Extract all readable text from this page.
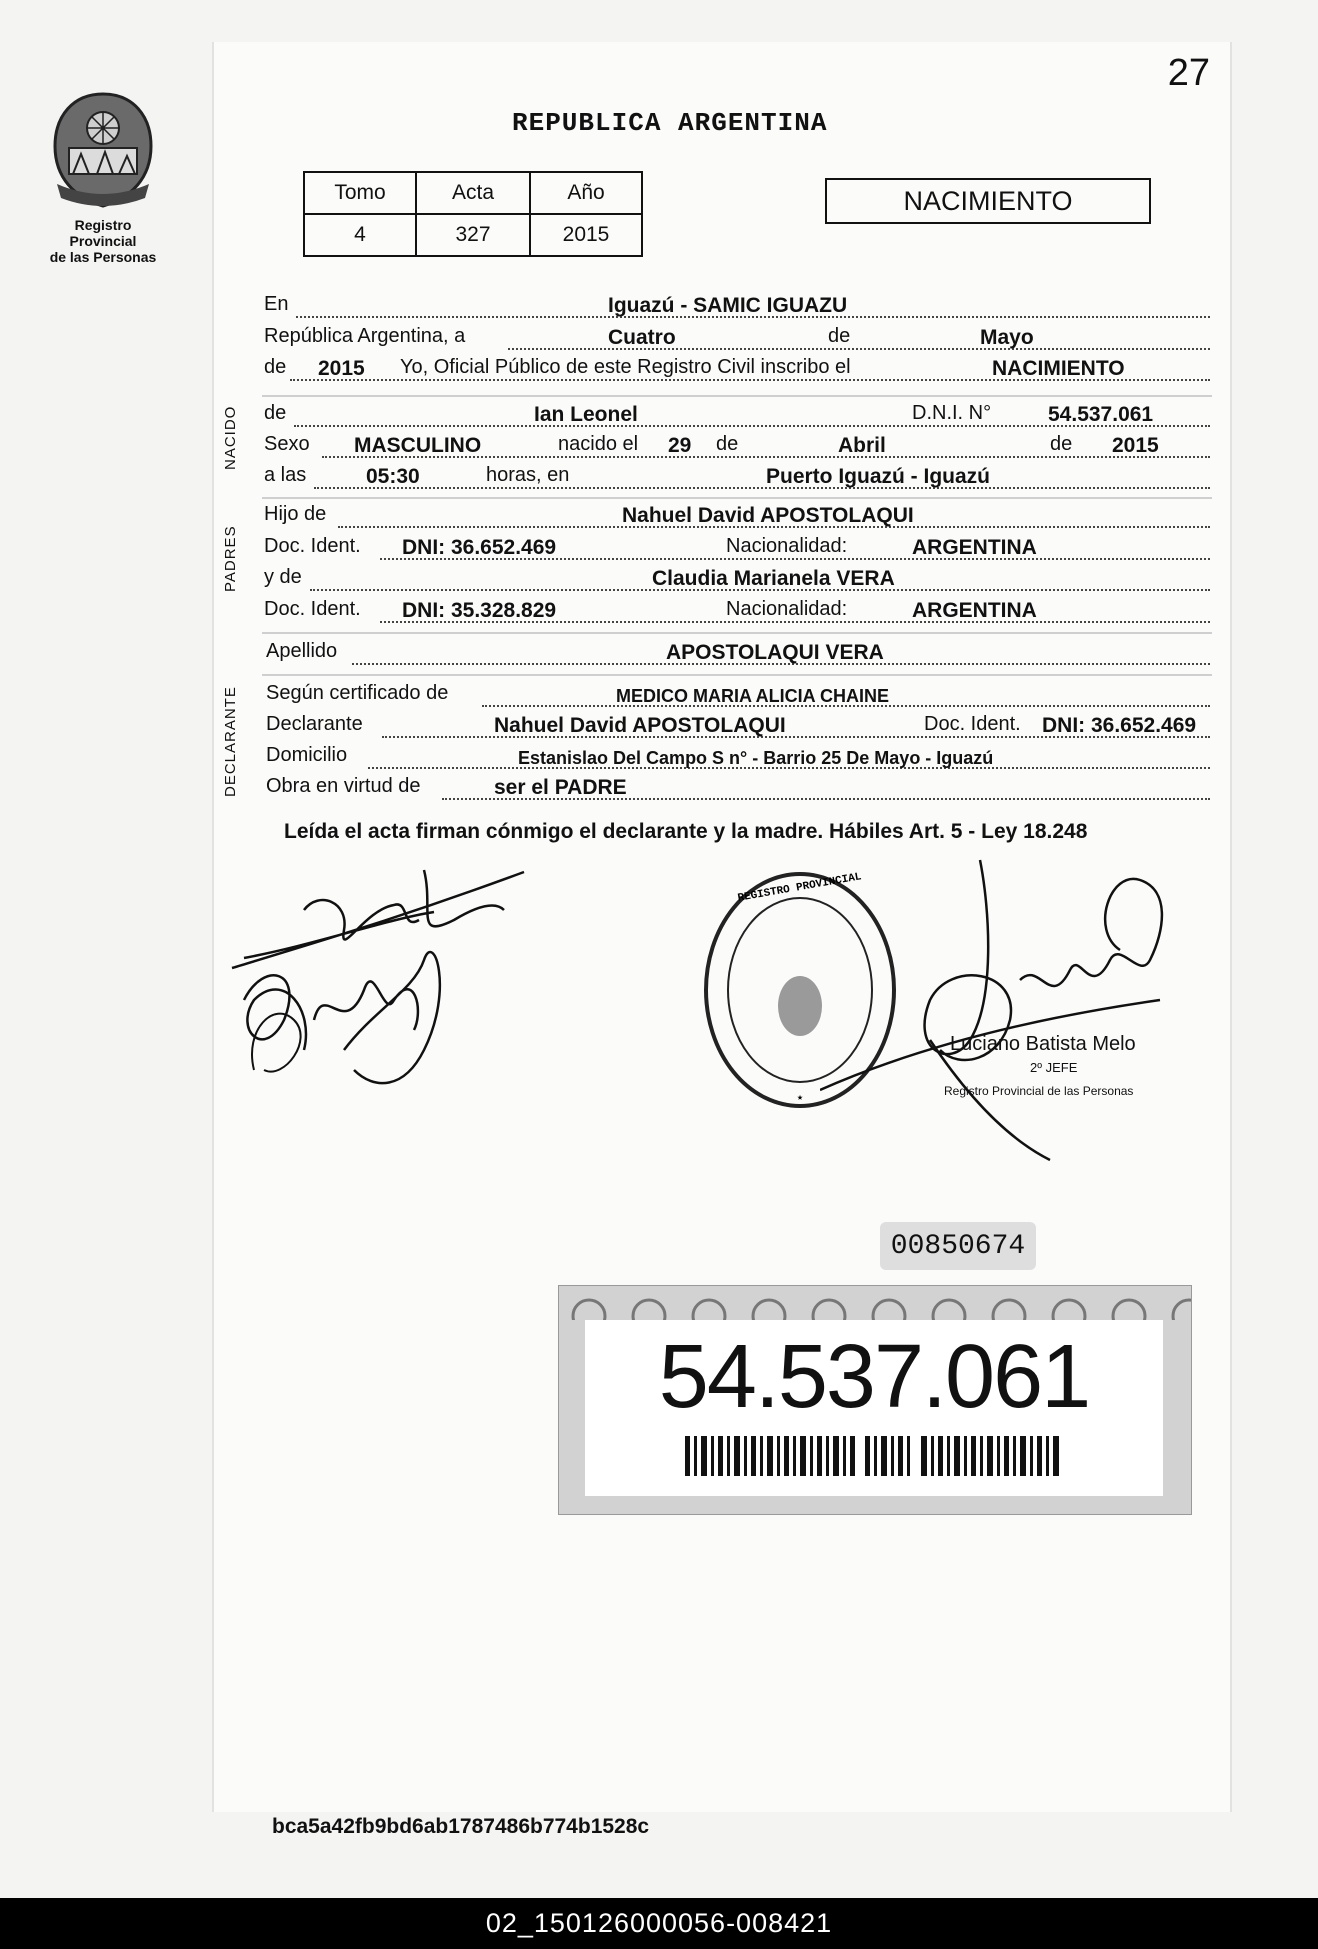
27
Registro Provincial
de las Personas
REPUBLICA ARGENTINA
Tomo	Acta	Año
4	327	2015
NACIMIENTO
En	Iguazú - SAMIC IGUAZU
República Argentina, a	Cuatro	de	Mayo
de 2015 Yo, Oficial Público de este Registro Civil inscribo el	NACIMIENTO
NACIDO de	Ian Leonel	D.N.I. N°	54.537.061
Sexo MASCULINO	nacido el 29 de	Abril	de 2015
a las	05:30	horas, en	Puerto Iguazú - Iguazú
PADRES
Hijo de	Nahuel David APOSTOLAQUI
Doc. Ident. DNI: 36.652.469	Nacionalidad:	ARGENTINA
y de	Claudia Marianela VERA
Doc. Ident. DNI: 35.328.829	Nacionalidad:	ARGENTINA
Apellido	APOSTOLAQUI VERA
DECLARANTE Según certificado de	MEDICO MARIA ALICIA CHAINE
Declarante	Nahuel David APOSTOLAQUI	Doc. Ident. DNI: 36.652.469
Domicilio	Estanislao Del Campo S n° - Barrio 25 De Mayo - Iguazú
Obra en virtud de	ser el PADRE
Leída el acta firman cónmigo el declarante y la madre. Hábiles Art. 5 - Ley 18.248
REGISTRO PROVINCIAL
★
Luciano Batista Melo
2º JEFE
Registro Provincial de las Personas
00850674
54.537.061
bca5a42fb9bd6ab1787486b774b1528c
02_150126000056-008421
